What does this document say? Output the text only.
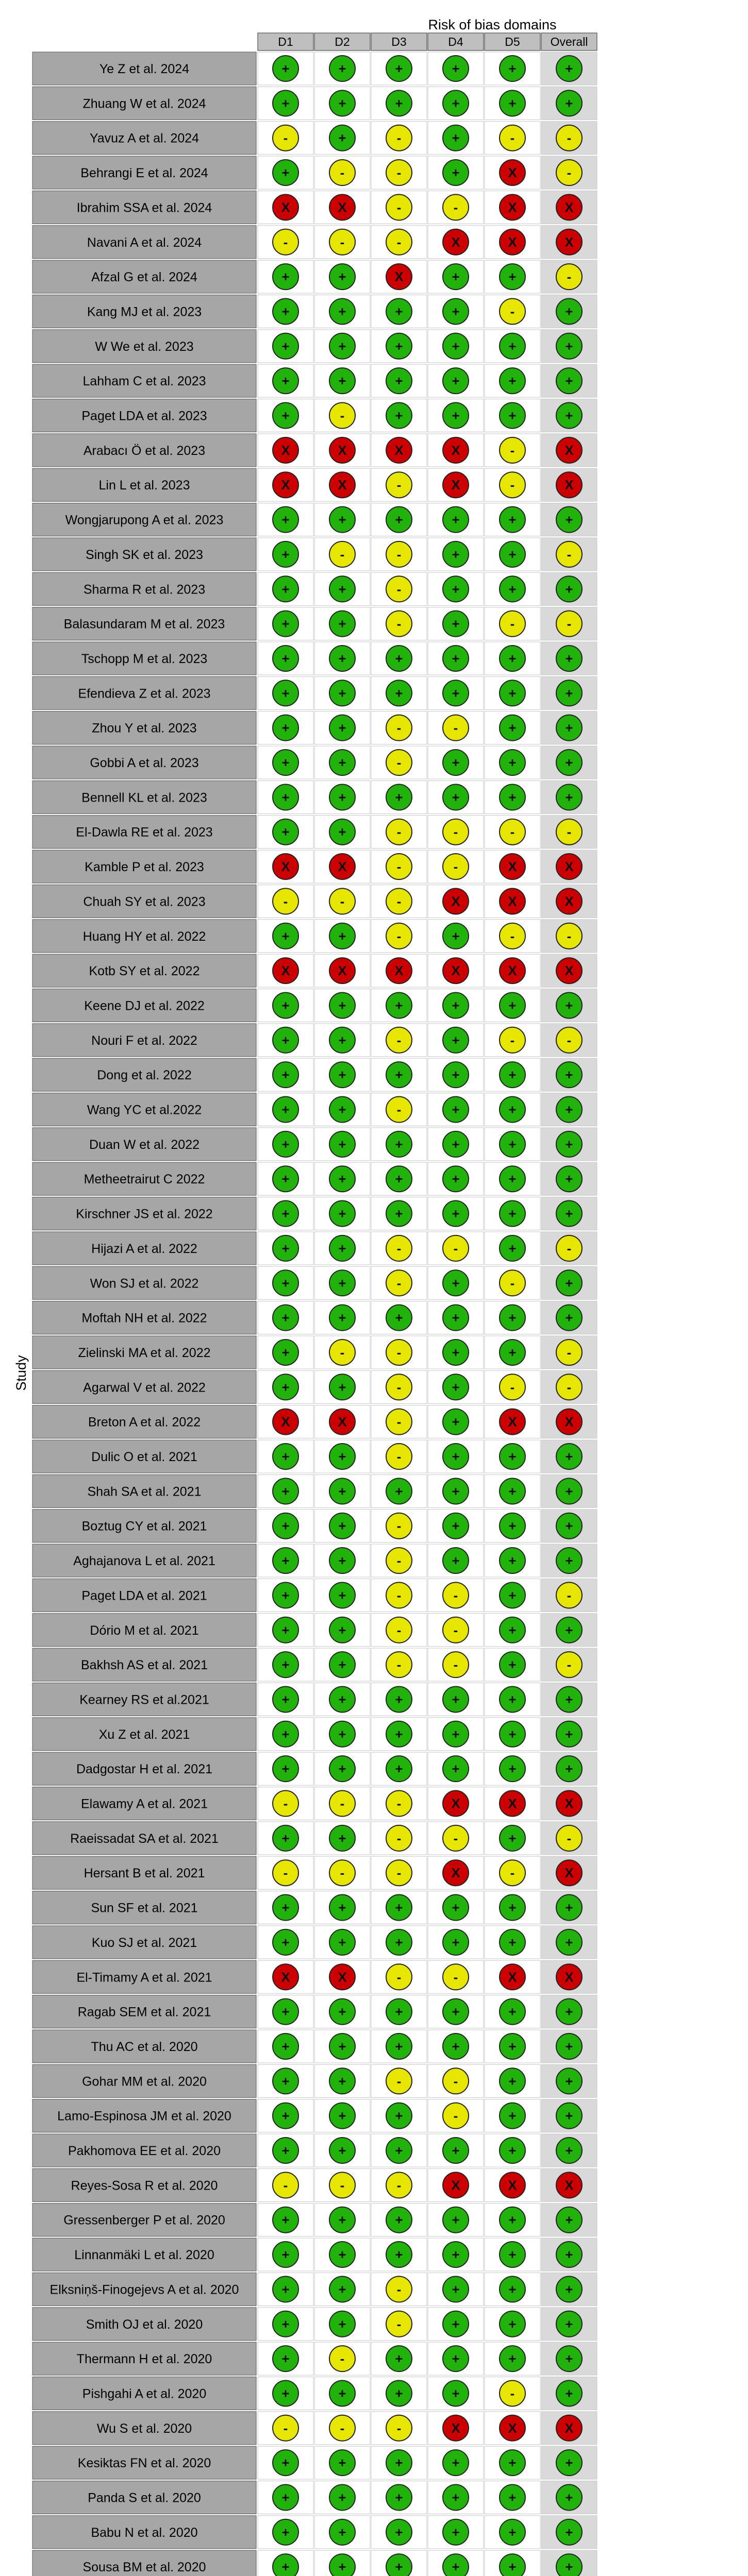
Risk of bias domains
Study
D1	D2	D3	D4	D5	Overall
Ye Z et al. 2024	+	+	+	+	+	+
Zhuang W et al. 2024	+	+	+	+	+	+
Yavuz A et al. 2024	-	+	-	+	-	-
Behrangi E et al. 2024	+	-	-	+	X	-
Ibrahim SSA et al. 2024	X	X	-	-	X	X
Navani A et al. 2024	-	-	-	X	X	X
Afzal G et al. 2024	+	+	X	+	+	-
Kang MJ et al. 2023	+	+	+	+	-	+
W We et al. 2023	+	+	+	+	+	+
Lahham C et al. 2023	+	+	+	+	+	+
Paget LDA et al. 2023	+	-	+	+	+	+
Arabacı Ö et al. 2023	X	X	X	X	-	X
Lin L et al. 2023	X	X	-	X	-	X
Wongjarupong A et al. 2023	+	+	+	+	+	+
Singh SK et al. 2023	+	-	-	+	+	-
Sharma R et al. 2023	+	+	-	+	+	+
Balasundaram M et al. 2023	+	+	-	+	-	-
Tschopp M et al. 2023	+	+	+	+	+	+
Efendieva Z et al. 2023	+	+	+	+	+	+
Zhou Y et al. 2023	+	+	-	-	+	+
Gobbi A et al. 2023	+	+	-	+	+	+
Bennell KL et al. 2023	+	+	+	+	+	+
El-Dawla RE et al. 2023	+	+	-	-	-	-
Kamble P et al. 2023	X	X	-	-	X	X
Chuah SY et al. 2023	-	-	-	X	X	X
Huang HY et al. 2022	+	+	-	+	-	-
Kotb SY et al. 2022	X	X	X	X	X	X
Keene DJ et al. 2022	+	+	+	+	+	+
Nouri F et al. 2022	+	+	-	+	-	-
Dong et al. 2022	+	+	+	+	+	+
Wang YC et al.2022	+	+	-	+	+	+
Duan W et al. 2022	+	+	+	+	+	+
Metheetrairut C 2022	+	+	+	+	+	+
Kirschner JS et al. 2022	+	+	+	+	+	+
Hijazi A et al. 2022	+	+	-	-	+	-
Won SJ et al. 2022	+	+	-	+	-	+
Moftah NH et al. 2022	+	+	+	+	+	+
Zielinski MA et al. 2022	+	-	-	+	+	-
Agarwal V et al. 2022	+	+	-	+	-	-
Breton A et al. 2022	X	X	-	+	X	X
Dulic O et al. 2021	+	+	-	+	+	+
Shah SA et al. 2021	+	+	+	+	+	+
Boztug CY et al. 2021	+	+	-	+	+	+
Aghajanova L et al. 2021	+	+	-	+	+	+
Paget LDA et al. 2021	+	+	-	-	+	-
Dório M et al. 2021	+	+	-	-	+	+
Bakhsh AS et al. 2021	+	+	-	-	+	-
Kearney RS et al.2021	+	+	+	+	+	+
Xu Z et al. 2021	+	+	+	+	+	+
Dadgostar H et al. 2021	+	+	+	+	+	+
Elawamy A et al. 2021	-	-	-	X	X	X
Raeissadat SA et al. 2021	+	+	-	-	+	-
Hersant B et al. 2021	-	-	-	X	-	X
Sun SF et al. 2021	+	+	+	+	+	+
Kuo SJ et al. 2021	+	+	+	+	+	+
El-Timamy A et al. 2021	X	X	-	-	X	X
Ragab SEM et al. 2021	+	+	+	+	+	+
Thu AC et al. 2020	+	+	+	+	+	+
Gohar MM et al. 2020	+	+	-	-	+	+
Lamo-Espinosa JM et al. 2020	+	+	+	-	+	+
Pakhomova EE et al. 2020	+	+	+	+	+	+
Reyes-Sosa R et al. 2020	-	-	-	X	X	X
Gressenberger P et al. 2020	+	+	+	+	+	+
Linnanmäki L et al. 2020	+	+	+	+	+	+
Elksniņš-Finogejevs A et al. 2020	+	+	-	+	+	+
Smith OJ et al. 2020	+	+	-	+	+	+
Thermann H et al. 2020	+	-	+	+	+	+
Pishgahi A et al. 2020	+	+	+	+	-	+
Wu S et al. 2020	-	-	-	X	X	X
Kesiktas FN et al. 2020	+	+	+	+	+	+
Panda S et al. 2020	+	+	+	+	+	+
Babu N et al. 2020	+	+	+	+	+	+
Sousa BM et al. 2020	+	+	+	+	+	+
